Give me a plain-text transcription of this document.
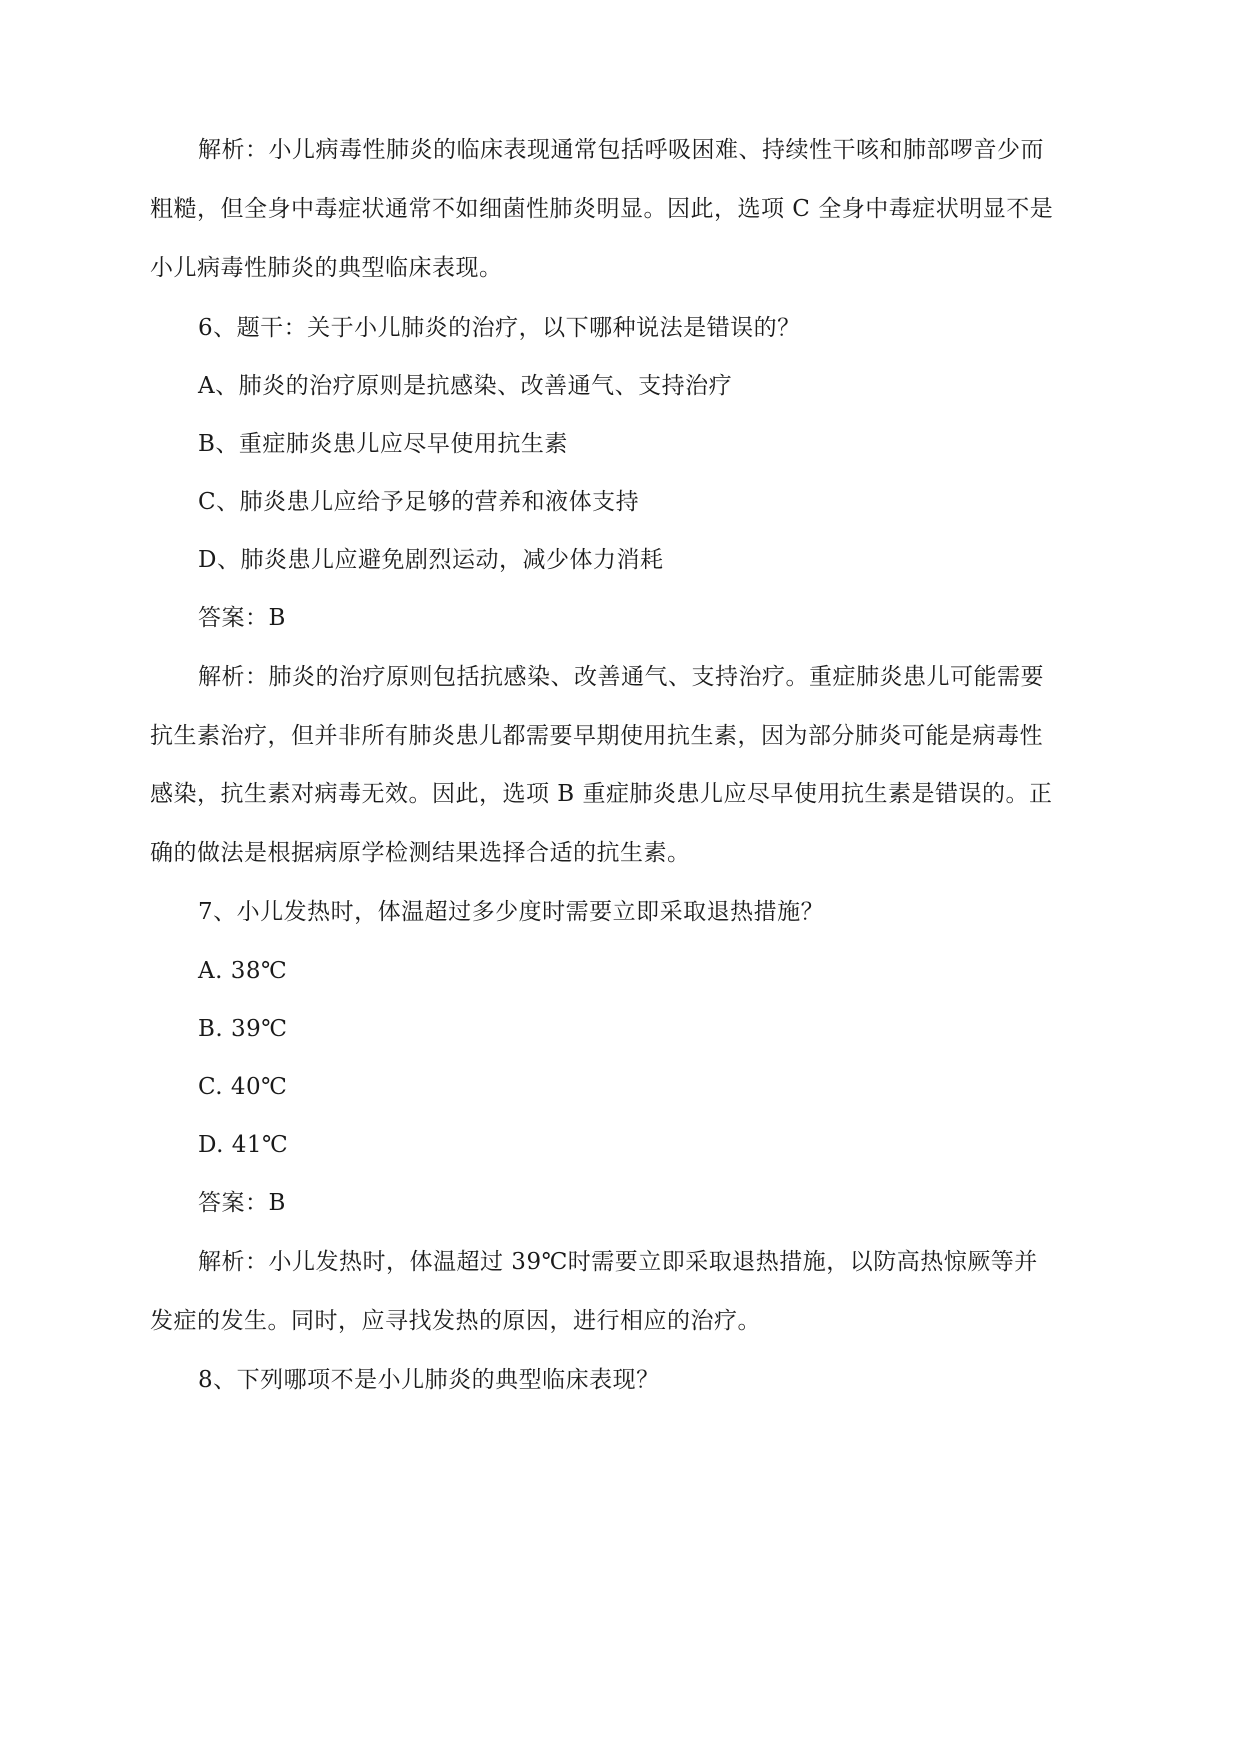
解析：小儿病毒性肺炎的临床表现通常包括呼吸困难、持续性干咳和肺部啰音少而
粗糙，但全身中毒症状通常不如细菌性肺炎明显。因此，选项 C 全身中毒症状明显不是
小儿病毒性肺炎的典型临床表现。
6、题干：关于小儿肺炎的治疗，以下哪种说法是错误的？
A、肺炎的治疗原则是抗感染、改善通气、支持治疗
B、重症肺炎患儿应尽早使用抗生素
C、肺炎患儿应给予足够的营养和液体支持
D、肺炎患儿应避免剧烈运动，减少体力消耗
答案：B
解析：肺炎的治疗原则包括抗感染、改善通气、支持治疗。重症肺炎患儿可能需要
抗生素治疗，但并非所有肺炎患儿都需要早期使用抗生素，因为部分肺炎可能是病毒性
感染，抗生素对病毒无效。因此，选项 B 重症肺炎患儿应尽早使用抗生素是错误的。正
确的做法是根据病原学检测结果选择合适的抗生素。
7、小儿发热时，体温超过多少度时需要立即采取退热措施？
A. 38℃
B. 39℃
C. 40℃
D. 41℃
答案：B
解析：小儿发热时，体温超过 39℃时需要立即采取退热措施，以防高热惊厥等并
发症的发生。同时，应寻找发热的原因，进行相应的治疗。
8、下列哪项不是小儿肺炎的典型临床表现？
